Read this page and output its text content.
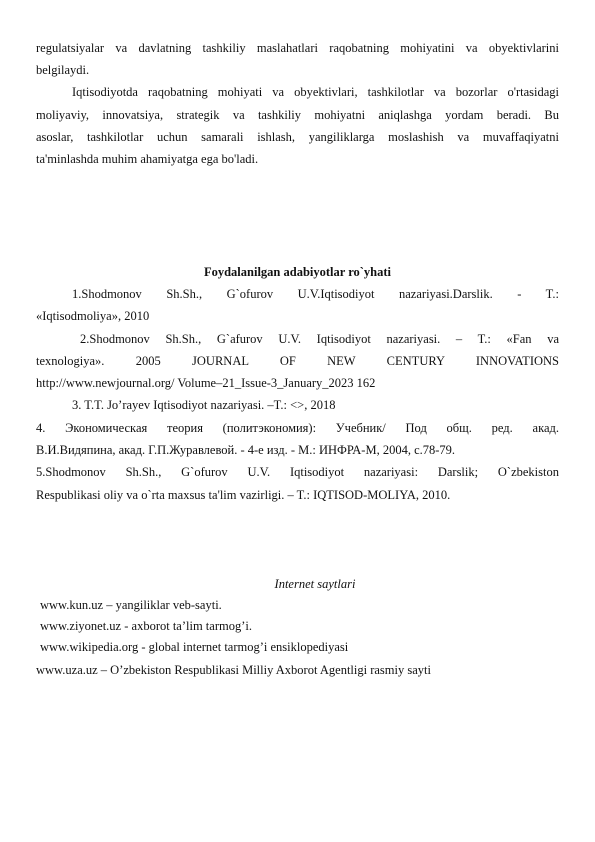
regulatsiyalar va davlatning tashkiliy maslahatlari raqobatning mohiyatini va obyektivlarini
belgilaydi.
Iqtisodiyotda raqobatning mohiyati va obyektivlari, tashkilotlar va bozorlar o'rtasidagi
moliyaviy, innovatsiya, strategik va tashkiliy mohiyatni aniqlashga yordam beradi. Bu
asoslar, tashkilotlar uchun samarali ishlash, yangiliklarga moslashish va muvaffaqiyatni
ta'minlashda muhim ahamiyatga ega bo'ladi.
Foydalanilgan adabiyotlar ro`yhati
1.Shodmonov Sh.Sh., G`ofurov U.V.Iqtisodiyot nazariyasi.Darslik. - T.:
«Iqtisodmoliya», 2010
2.Shodmonov Sh.Sh., G`afurov U.V. Iqtisodiyot nazariyasi. – T.: «Fan va
texnologiya». 2005 JOURNAL OF NEW CENTURY INNOVATIONS
http://www.newjournal.org/ Volume–21_Issue-3_January_2023 162
3. T.T. Jo’rayev Iqtisodiyot nazariyasi. –T.: <>, 2018
4. Экономическая теория (политэкономия): Учебник/ Под общ. ред. акад.
В.И.Видяпина, акад. Г.П.Журавлевой. - 4-е изд. - М.: ИНФРА-М, 2004, с.78-79.
5.Shodmonov Sh.Sh., G`ofurov U.V. Iqtisodiyot nazariyasi: Darslik; O`zbekiston
Respublikasi oliy va o`rta maxsus ta'lim vazirligi. – T.: IQTISOD-MOLIYA, 2010.
Internet saytlari
www.kun.uz – yangiliklar veb-sayti.
www.ziyonet.uz - axborot ta’lim tarmog’i.
www.wikipedia.org - global internet tarmog’i ensiklopediyasi
www.uza.uz – O’zbekiston Respublikasi Milliy Axborot Agentligi rasmiy sayti
